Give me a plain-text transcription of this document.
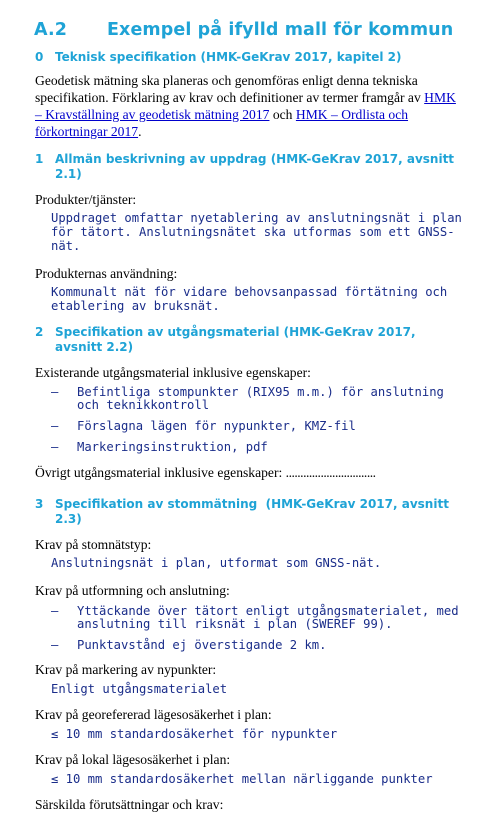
A.2 Exempel på ifylld mall för kommun
0 Teknisk specifikation (HMK-GeKrav 2017, kapitel 2)

Geodetisk mätning ska planeras och genomföras enligt denna tekniska specifikation. Förklaring av krav och definitioner av termer framgår av HMK – Kravställning av geodetisk mätning 2017 och HMK – Ordlista och förkortningar 2017.

1 Allmän beskrivning av uppdrag (HMK-GeKrav 2017, avsnitt 2.1)

Produkter/tjänster:

Uppdraget omfattar nyetablering av anslutningsnät i plan för tätort. Anslutningsnätet ska utformas som ett GNSS-nät.

Produkternas användning:

Kommunalt nät för vidare behovsanpassad förtätning och etablering av bruksnät.

2 Specifikation av utgångsmaterial (HMK-GeKrav 2017, avsnitt 2.2)

Existerande utgångsmaterial inklusive egenskaper:

–	Befintliga stompunkter (RIX95 m.m.) för anslutning och teknikkontroll
–	Förslagna lägen för nypunkter, KMZ-fil
–	Markeringsinstruktion, pdf

Övrigt utgångsmaterial inklusive egenskaper: ...............................

3 Specifikation av stommätning  (HMK-GeKrav 2017, avsnitt 2.3)

Krav på stomnätstyp:

Anslutningsnät i plan, utformat som GNSS-nät.

Krav på utformning och anslutning:

–	Yttäckande över tätort enligt utgångsmaterialet, med anslutning till riksnät i plan (SWEREF 99).
–	Punktavstånd ej överstigande 2 km.

Krav på markering av nypunkter:

Enligt utgångsmaterialet

Krav på georefererad lägesosäkerhet i plan:

≤ 10 mm standardosäkerhet för nypunkter

Krav på lokal lägesosäkerhet i plan:

≤ 10 mm standardosäkerhet mellan närliggande punkter

Särskilda förutsättningar och krav:
